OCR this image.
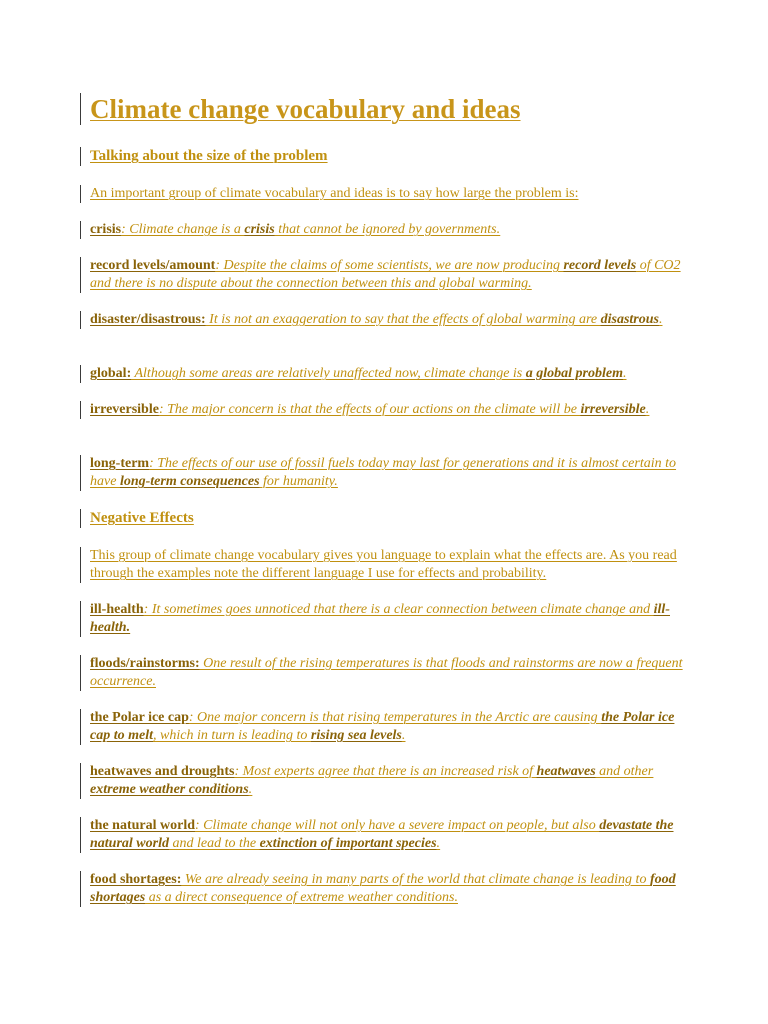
Climate change vocabulary and ideas
Talking about the size of the problem

An important group of climate vocabulary and ideas is to say how large the problem is:

crisis: Climate change is a crisis that cannot be ignored by governments.

record levels/amount: Despite the claims of some scientists, we are now producing record levels of CO2 and there is no dispute about the connection between this and global warming.

disaster/disastrous: It is not an exaggeration to say that the effects of global warming are disastrous.

global: Although some areas are relatively unaffected now, climate change is a global problem.

irreversible: The major concern is that the effects of our actions on the climate will be irreversible.

long-term: The effects of our use of fossil fuels today may last for generations and it is almost certain to have long-term consequences for humanity.

Negative Effects

This group of climate change vocabulary gives you language to explain what the effects are. As you read through the examples note the different language I use for effects and probability.

ill-health: It sometimes goes unnoticed that there is a clear connection between climate change and ill-health.

floods/rainstorms: One result of the rising temperatures is that floods and rainstorms are now a frequent occurrence.

the Polar ice cap: One major concern is that rising temperatures in the Arctic are causing the Polar ice cap to melt, which in turn is leading to rising sea levels.

heatwaves and droughts: Most experts agree that there is an increased risk of heatwaves and other extreme weather conditions.

the natural world: Climate change will not only have a severe impact on people, but also devastate the natural world and lead to the extinction of important species.

food shortages: We are already seeing in many parts of the world that climate change is leading to food shortages as a direct consequence of extreme weather conditions.
